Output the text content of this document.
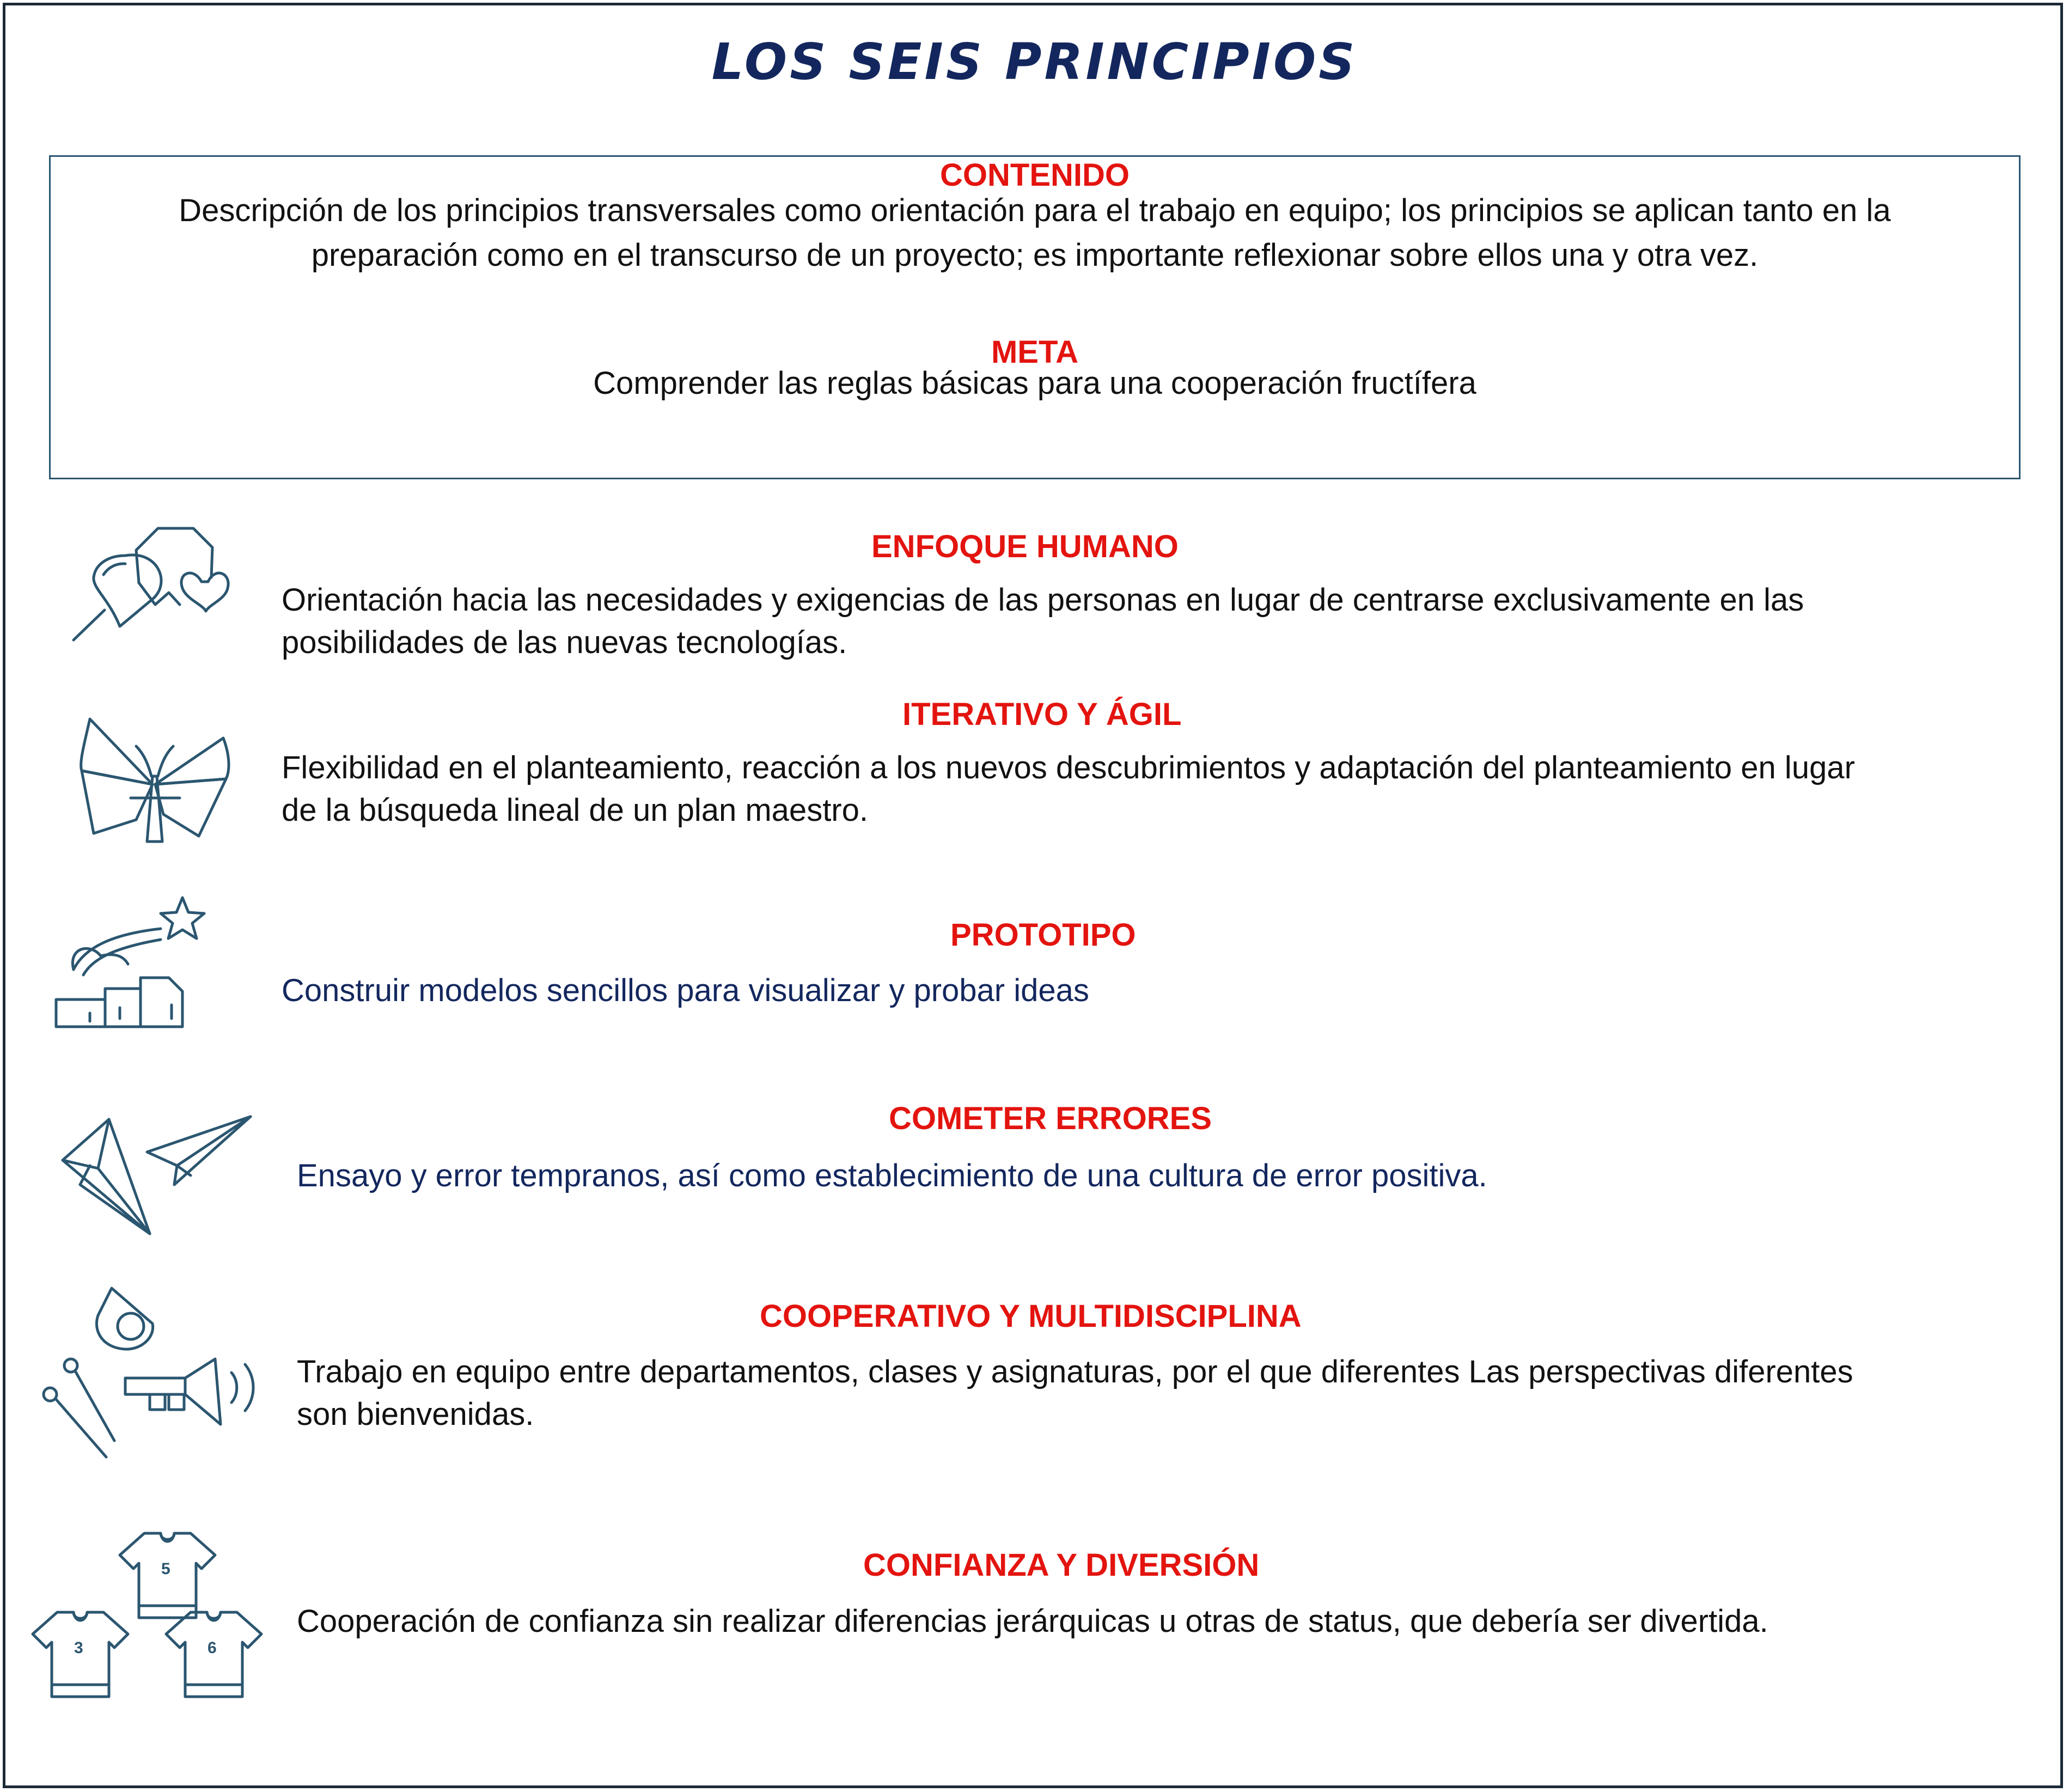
LOS SEIS PRINCIPIOS
CONTENIDO
Descripción de los principios transversales como orientación para el trabajo en equipo; los principios se aplican tanto en la
preparación como en el transcurso de un proyecto; es importante reflexionar sobre ellos una y otra vez.
META
Comprender las reglas básicas para una cooperación fructífera
ENFOQUE HUMANO
Orientación hacia las necesidades y exigencias de las personas en lugar de centrarse exclusivamente en las
posibilidades de las nuevas tecnologías.
ITERATIVO Y ÁGIL
Flexibilidad en el planteamiento, reacción a los nuevos descubrimientos y adaptación del planteamiento en lugar
de la búsqueda lineal de un plan maestro.
PROTOTIPO
Construir modelos sencillos para visualizar y probar ideas
COMETER ERRORES
Ensayo y error tempranos, así como establecimiento de una cultura de error positiva.
COOPERATIVO Y MULTIDISCIPLINA
Trabajo en equipo entre departamentos, clases y asignaturas, por el que diferentes Las perspectivas diferentes
son bienvenidas.
5
3	6
CONFIANZA Y DIVERSIÓN
Cooperación de confianza sin realizar diferencias jerárquicas u otras de status, que debería ser divertida.
